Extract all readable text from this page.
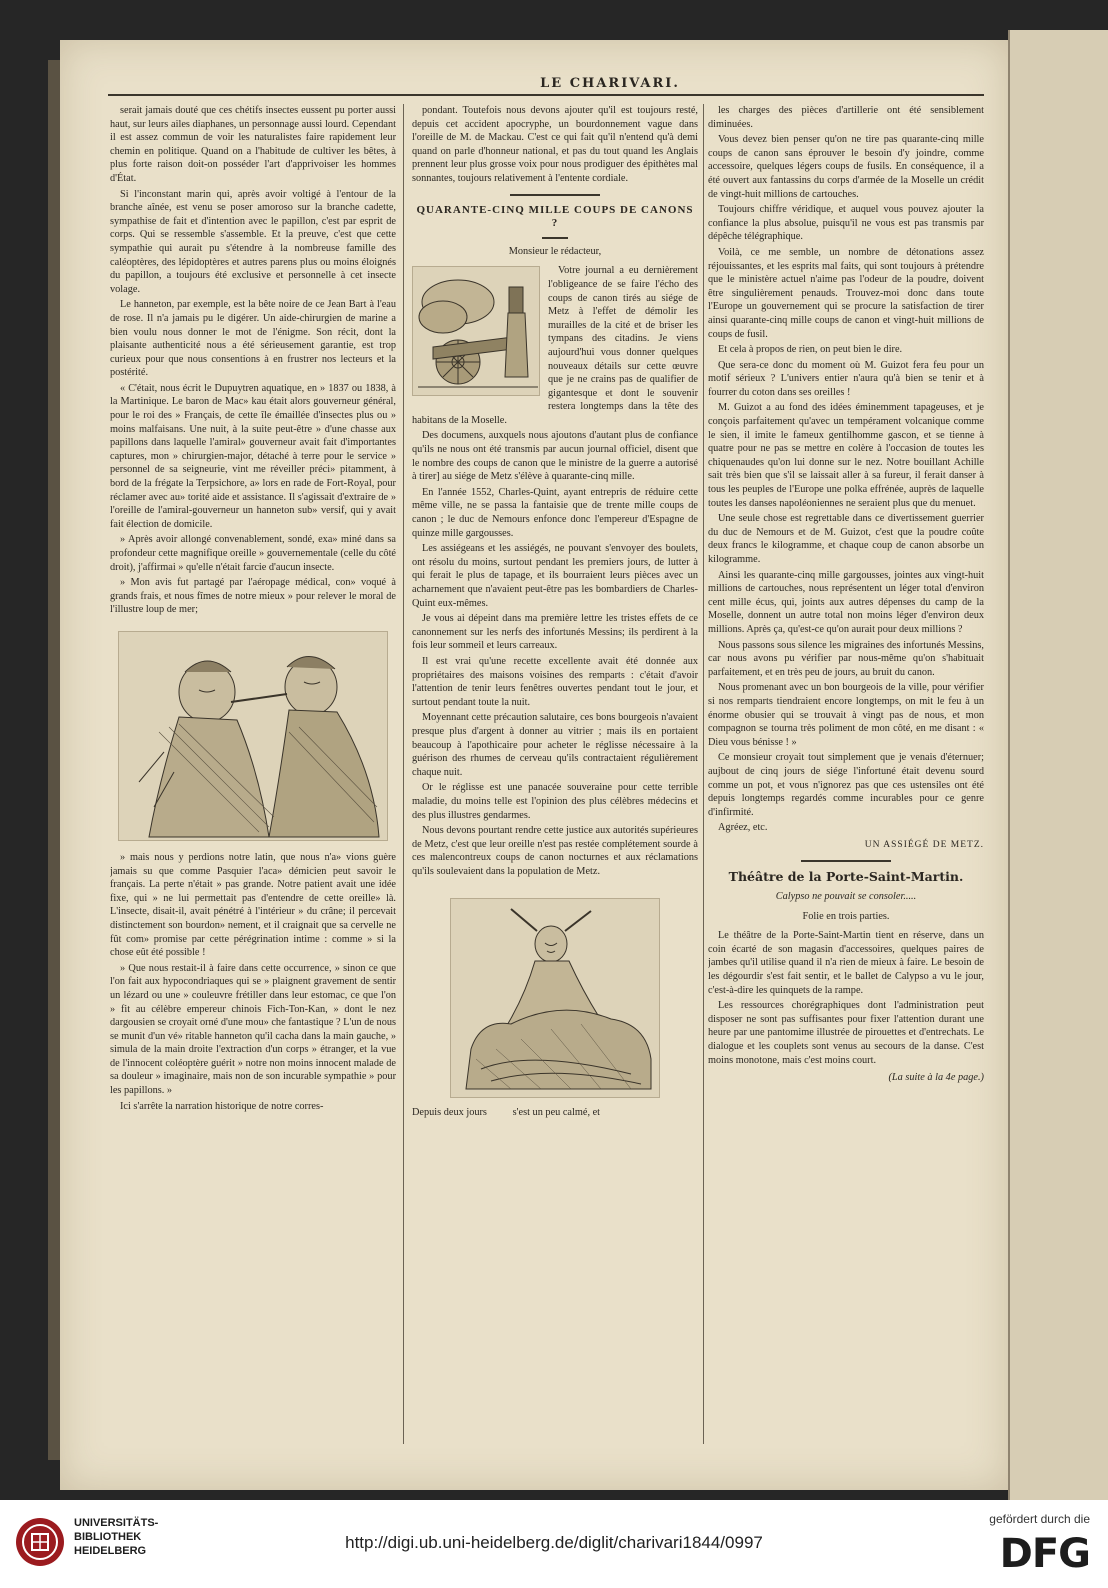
LE CHARIVARI.

serait jamais douté que ces chétifs insectes eussent pu porter aussi haut, sur leurs ailes diaphanes, un personnage aussi lourd. Cependant il est assez commun de voir les naturalistes faire rapidement leur chemin en politique. Quand on a l'habitude de cultiver les bêtes, à plus forte raison doit-on posséder l'art d'apprivoiser les hommes d'État.

Si l'inconstant marin qui, après avoir voltigé à l'entour de la branche aînée, est venu se poser amoroso sur la branche cadette, sympathise de fait et d'intention avec le papillon, c'est par esprit de corps. Qui se ressemble s'assemble. Et la preuve, c'est que cette sympathie qui aurait pu s'étendre à la nombreuse famille des caléoptères, des lépidoptères et autres parens plus ou moins éloignés du papillon, a toujours été exclusive et personnelle à cet insecte volage.

Le hanneton, par exemple, est la bête noire de ce Jean Bart à l'eau de rose. Il n'a jamais pu le digérer. Un aide-chirurgien de marine a bien voulu nous donner le mot de l'énigme. Son récit, dont la plaisante authenticité nous a été sérieusement garantie, est trop curieux pour que nous consentions à en frustrer nos lecteurs et la postérité.

« C'était, nous écrit le Dupuytren aquatique, en » 1837 ou 1838, à la Martinique. Le baron de Mac» kau était alors gouverneur général, pour le roi des » Français, de cette île émaillée d'insectes plus ou » moins malfaisans. Une nuit, à la suite peut-être » d'une chasse aux papillons dans laquelle l'amiral» gouverneur avait fait d'importantes captures, mon » chirurgien-major, détaché à terre pour le service » personnel de sa seigneurie, vint me réveiller préci» pitamment, à bord de la frégate la Terpsichore, a» lors en rade de Fort-Royal, pour réclamer avec au» torité aide et assistance. Il s'agissait d'extraire de » l'oreille de l'amiral-gouverneur un hanneton sub» versif, qui y avait fait élection de domicile.

» Après avoir allongé convenablement, sondé, exa» miné dans sa profondeur cette magnifique oreille » gouvernementale (celle du côté droit), j'affirmai » qu'elle n'était farcie d'aucun insecte.

» Mon avis fut partagé par l'aéropage médical, con» voqué à grands frais, et nous fîmes de notre mieux » pour relever le moral de l'illustre loup de mer;

» mais nous y perdions notre latin, que nous n'a» vions guère jamais su que comme Pasquier l'aca» démicien peut savoir le français. La perte n'était » pas grande. Notre patient avait une idée fixe, qui » ne lui permettait pas d'entendre de cette oreille» là. L'insecte, disait-il, avait pénétré à l'intérieur » du crâne; il percevait distinctement son bourdon» nement, et il craignait que sa cervelle ne fût com» promise par cette pérégrination intime : comme » si la chose eût été possible !

» Que nous restait-il à faire dans cette occurrence, » sinon ce que l'on fait aux hypocondriaques qui se » plaignent gravement de sentir un lézard ou une » couleuvre frétiller dans leur estomac, ce que l'on » fit au célèbre empereur chinois Fich-Ton-Kan, » dont le nez dargousien se croyait orné d'une mou» che fantastique ? L'un de nous se munit d'un vé» ritable hanneton qu'il cacha dans la main gauche, » simula de la main droite l'extraction d'un corps » étranger, et la vue de l'innocent coléoptère guérit » notre non moins innocent malade de sa douleur » imaginaire, mais non de son incurable sympathie » pour les papillons. »

Ici s'arrête la narration historique de notre corres-

pondant. Toutefois nous devons ajouter qu'il est toujours resté, depuis cet accident apocryphe, un bourdonnement vague dans l'oreille de M. de Mackau. C'est ce qui fait qu'il n'entend qu'à demi quand on parle d'honneur national, et pas du tout quand les Anglais prennent leur plus grosse voix pour nous prodiguer des épithètes mal sonnantes, toujours relativement à l'entente cordiale.

QUARANTE-CINQ MILLE COUPS DE CANONS ?

Monsieur le rédacteur,

Votre journal a eu dernièrement l'obligeance de se faire l'écho des coups de canon tirés au siége de Metz à l'effet de démolir les murailles de la cité et de briser les tympans des citadins. Je viens aujourd'hui vous donner quelques nouveaux détails sur cette œuvre que je ne crains pas de qualifier de gigantesque et dont le souvenir restera longtemps dans la tête des habitans de la Moselle.

Des documens, auxquels nous ajoutons d'autant plus de confiance qu'ils ne nous ont été transmis par aucun journal officiel, disent que le nombre des coups de canon que le ministre de la guerre a autorisé à tirer] au siége de Metz s'élève à quarante-cinq mille.

En l'année 1552, Charles-Quint, ayant entrepris de réduire cette même ville, ne se passa la fantaisie que de trente mille coups de canon ; le duc de Nemours enfonce donc l'empereur d'Espagne de quinze mille gargousses.

Les assiégeans et les assiégés, ne pouvant s'envoyer des boulets, ont résolu du moins, surtout pendant les premiers jours, de lutter à qui ferait le plus de tapage, et ils bourraient leurs pièces avec un acharnement que n'avaient peut-être pas les bombardiers de Charles-Quint eux-mêmes.

Je vous ai dépeint dans ma première lettre les tristes effets de ce canonnement sur les nerfs des infortunés Messins; ils perdirent à la fois leur sommeil et leurs carreaux.

Il est vrai qu'une recette excellente avait été donnée aux propriétaires des maisons voisines des remparts : c'était d'avoir l'attention de tenir leurs fenêtres ouvertes pendant tout le jour, et surtout pendant toute la nuit.

Moyennant cette précaution salutaire, ces bons bourgeois n'avaient presque plus d'argent à donner au vitrier ; mais ils en portaient beaucoup à l'apothicaire pour acheter le réglisse nécessaire à la guérison des rhumes de cerveau qu'ils contractaient régulièrement chaque nuit.

Or le réglisse est une panacée souveraine pour cette terrible maladie, du moins telle est l'opinion des plus célèbres médecins et des plus illustres gendarmes.

Nous devons pourtant rendre cette justice aux autorités supérieures de Metz, c'est que leur oreille n'est pas restée complétement sourde à ces malencontreux coups de canon nocturnes et aux réclamations qu'ils soulevaient dans la population de Metz.

Depuis deux jours          s'est un peu calmé, et

les charges des pièces d'artillerie ont été sensiblement diminuées.

Vous devez bien penser qu'on ne tire pas quarante-cinq mille coups de canon sans éprouver le besoin d'y joindre, comme accessoire, quelques légers coups de fusils. En conséquence, il a été ouvert aux fantassins du corps d'armée de la Moselle un crédit de vingt-huit millions de cartouches.

Toujours chiffre véridique, et auquel vous pouvez ajouter la confiance la plus absolue, puisqu'il ne vous est pas transmis par dépêche télégraphique.

Voilà, ce me semble, un nombre de détonations assez réjouissantes, et les esprits mal faits, qui sont toujours à prétendre que le ministère actuel n'aime pas l'odeur de la poudre, doivent être singulièrement penauds. Trouvez-moi donc dans toute l'Europe un gouvernement qui se procure la satisfaction de tirer ainsi quarante-cinq mille coups de canon et vingt-huit millions de coups de fusil.

Et cela à propos de rien, on peut bien le dire.

Que sera-ce donc du moment où M. Guizot fera feu pour un motif sérieux ? L'univers entier n'aura qu'à bien se tenir et à fourrer du coton dans ses oreilles !

M. Guizot a au fond des idées éminemment tapageuses, et je conçois parfaitement qu'avec un tempérament volcanique comme le sien, il imite le fameux gentilhomme gascon, et se tienne à quatre pour ne pas se mettre en colère à l'occasion de toutes les chiquenaudes qu'on lui donne sur le nez. Notre bouillant Achille sait très bien que s'il se laissait aller à sa fureur, il ferait danser à tous les peuples de l'Europe une polka effrénée, auprès de laquelle toutes les danses napoléoniennes ne seraient plus que du menuet.

Une seule chose est regrettable dans ce divertissement guerrier du duc de Nemours et de M. Guizot, c'est que la poudre coûte deux francs le kilogramme, et chaque coup de canon absorbe un kilogramme.

Ainsi les quarante-cinq mille gargousses, jointes aux vingt-huit millions de cartouches, nous représentent un léger total d'environ cent mille écus, qui, joints aux autres dépenses du camp de la Moselle, donnent un autre total non moins léger d'environ deux millions. Après ça, qu'est-ce qu'on aurait pour deux millions ?

Nous passons sous silence les migraines des infortunés Messins, car nous avons pu vérifier par nous-même qu'on s'habituait parfaitement, et en très peu de jours, au bruit du canon.

Nous promenant avec un bon bourgeois de la ville, pour vérifier si nos remparts tiendraient encore longtemps, on mit le feu à un énorme obusier qui se trouvait à vingt pas de nous, et mon compagnon se tourna très poliment de mon côté, en me disant : « Dieu vous bénisse ! »

Ce monsieur croyait tout simplement que je venais d'éternuer; aujbout de cinq jours de siége l'infortuné était devenu sourd comme un pot, et vous n'ignorez pas que ces ustensiles ont été depuis longtemps regardés comme incurables pour ce genre d'infirmité.

Agréez, etc.

UN ASSIÉGÉ DE METZ.

Théâtre de la Porte-Saint-Martin.

Calypso ne pouvait se consoler.....

Folie en trois parties.

Le théâtre de la Porte-Saint-Martin tient en réserve, dans un coin écarté de son magasin d'accessoires, quelques paires de jambes qu'il utilise quand il n'a rien de mieux à faire. Le besoin de les dégourdir s'est fait sentir, et le ballet de Calypso a vu le jour, c'est-à-dire les quinquets de la rampe.

Les ressources chorégraphiques dont l'administration peut disposer ne sont pas suffisantes pour fixer l'attention durant une heure par une pantomime illustrée de pirouettes et d'entrechats. Le dialogue et les couplets sont venus au secours de la danse. C'est moins monotone, mais c'est moins court.

(La suite à la 4e page.)

UNIVERSITÄTS-
BIBLIOTHEK
HEIDELBERG	http://digi.ub.uni-heidelberg.de/diglit/charivari1844/0997
gefördert durch die
DFG
